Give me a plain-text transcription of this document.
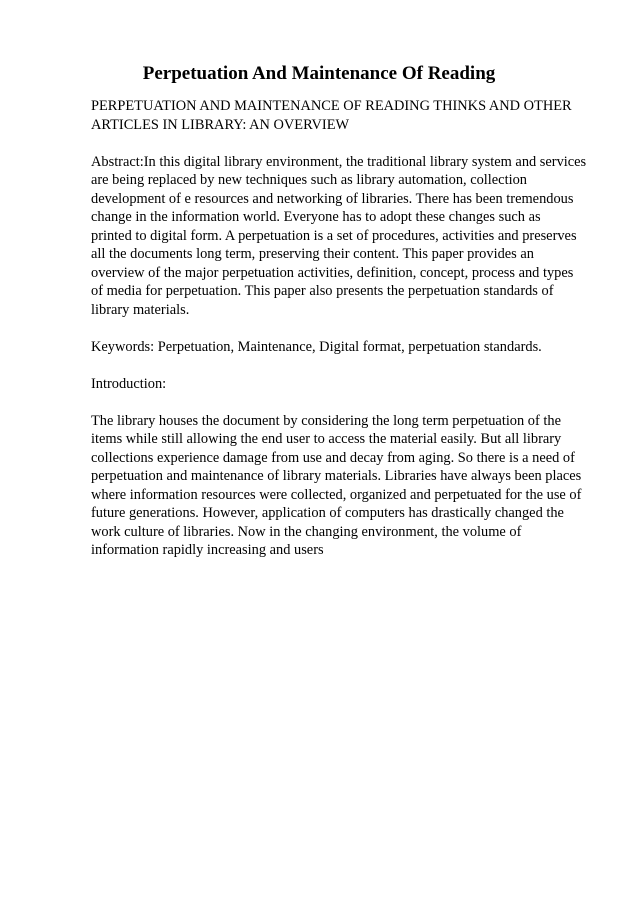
Perpetuation And Maintenance Of Reading

PERPETUATION AND MAINTENANCE OF READING THINKS AND OTHER
ARTICLES IN LIBRARY: AN OVERVIEW

Abstract:In this digital library environment, the traditional library system and services
are being replaced by new techniques such as library automation, collection
development of e resources and networking of libraries. There has been tremendous
change in the information world. Everyone has to adopt these changes such as
printed to digital form. A perpetuation is a set of procedures, activities and preserves
all the documents long term, preserving their content. This paper provides an
overview of the major perpetuation activities, definition, concept, process and types
of media for perpetuation. This paper also presents the perpetuation standards of
library materials.

Keywords: Perpetuation, Maintenance, Digital format, perpetuation standards.

Introduction:

The library houses the document by considering the long term perpetuation of the
items while still allowing the end user to access the material easily. But all library
collections experience damage from use and decay from aging. So there is a need of
perpetuation and maintenance of library materials. Libraries have always been places
where information resources were collected, organized and perpetuated for the use of
future generations. However, application of computers has drastically changed the
work culture of libraries. Now in the changing environment, the volume of
information rapidly increasing and users
